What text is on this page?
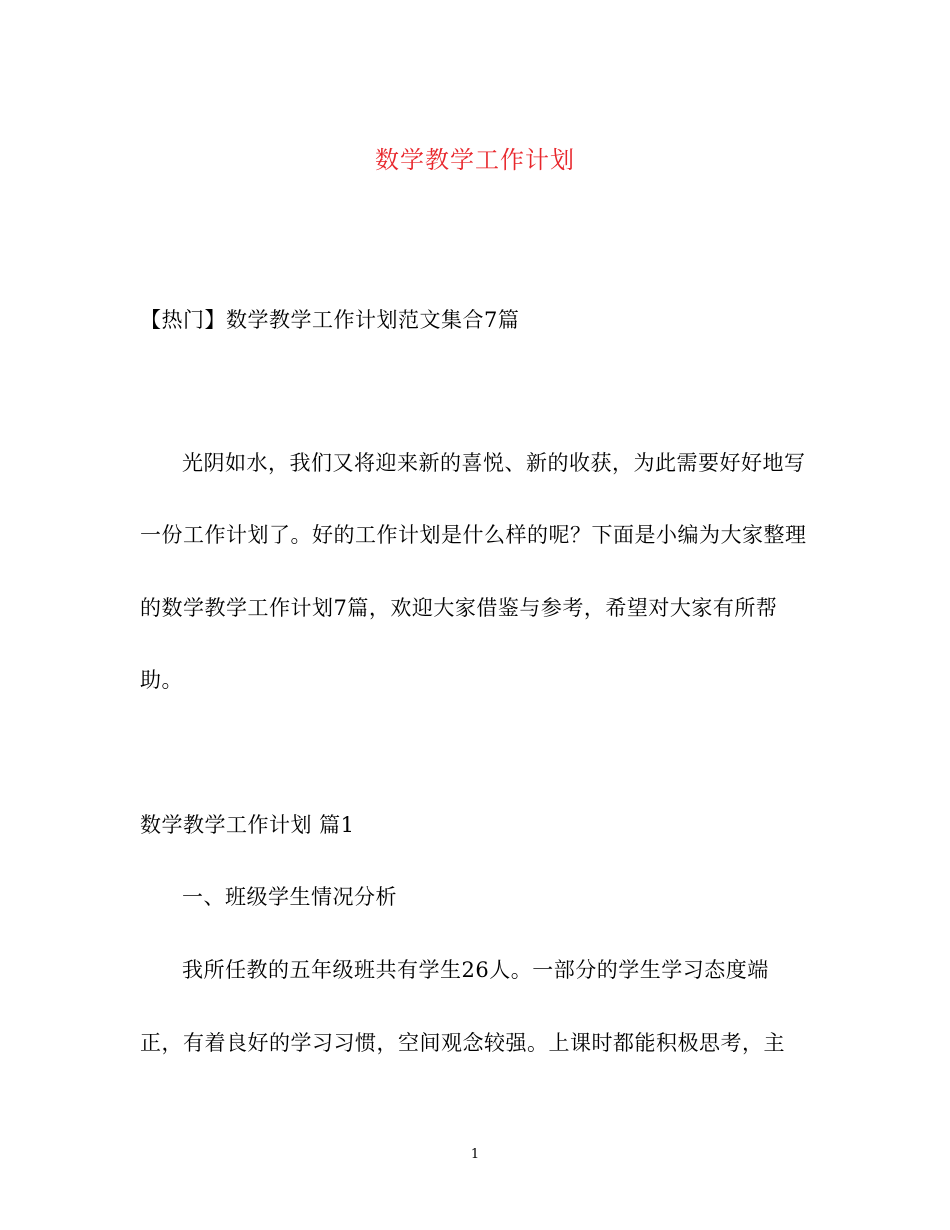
数学教学工作计划
【热门】数学教学工作计划范文集合7篇
光阴如水，我们又将迎来新的喜悦、新的收获，为此需要好好地写
一份工作计划了。好的工作计划是什么样的呢？下面是小编为大家整理
的数学教学工作计划7篇，欢迎大家借鉴与参考，希望对大家有所帮
助。
数学教学工作计划 篇1
一、班级学生情况分析
我所任教的五年级班共有学生26人。一部分的学生学习态度端
正，有着良好的学习习惯，空间观念较强。上课时都能积极思考，主
1
